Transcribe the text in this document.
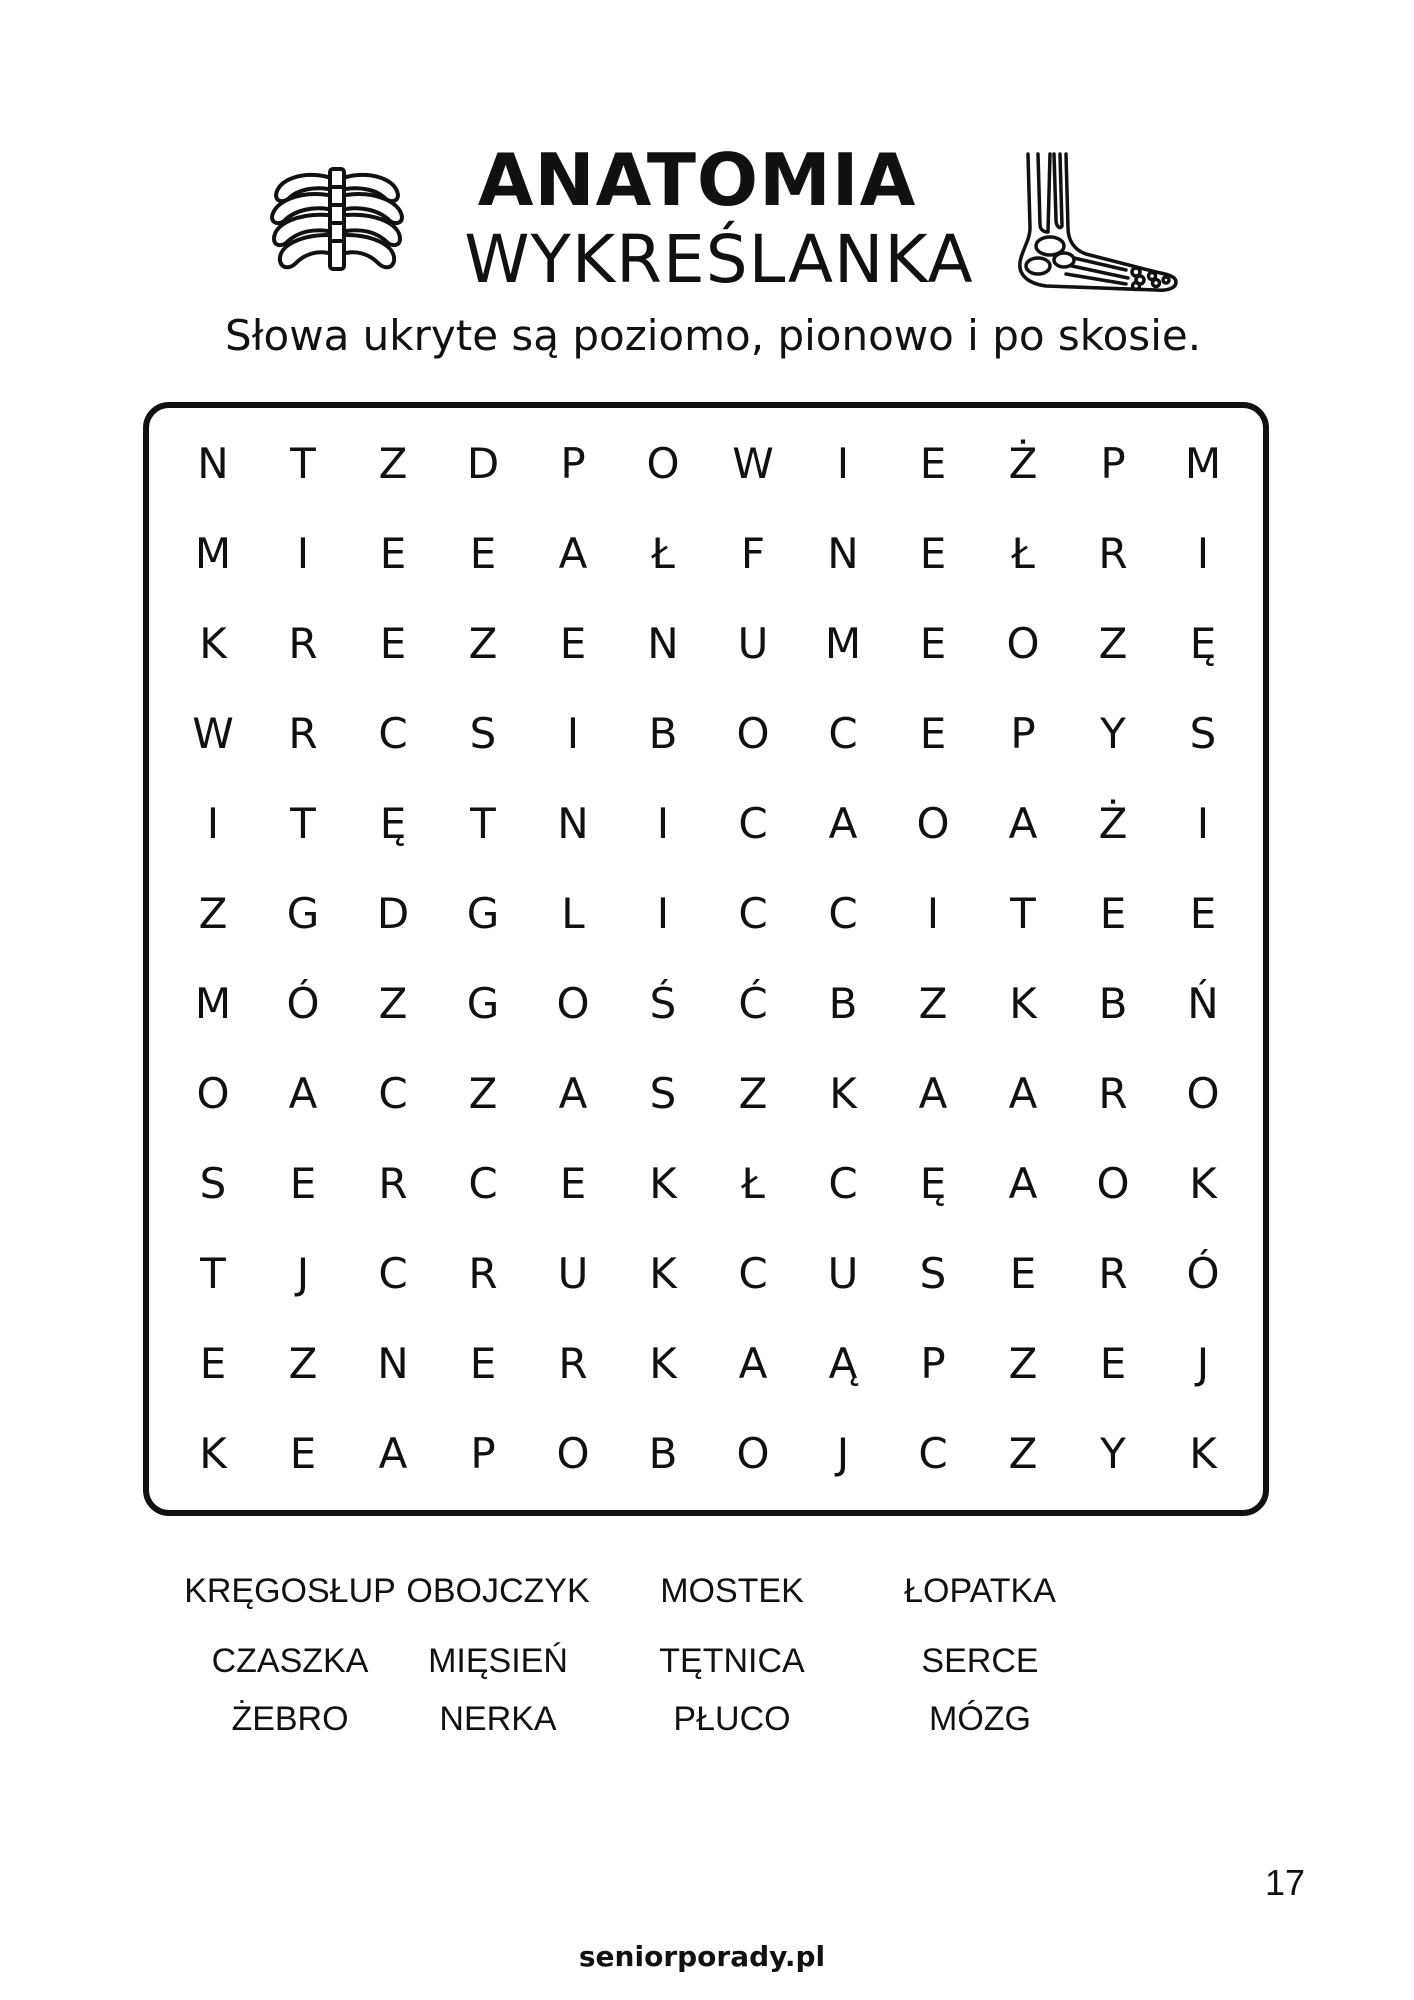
ANATOMIA
WYKREŚLANKA
Słowa ukryte są poziomo, pionowo i po skosie.
N	T	Z	D	P	O	W	I	E	Ż	P	M
M	I	E	E	A	Ł	F	N	E	Ł	R	I
K	R	E	Z	E	N	U	M	E	O	Z	Ę
W	R	C	S	I	B	O	C	E	P	Y	S
I	T	Ę	T	N	I	C	A	O	A	Ż	I
Z	G	D	G	L	I	C	C	I	T	E	E
M	Ó	Z	G	O	Ś	Ć	B	Z	K	B	Ń
O	A	C	Z	A	S	Z	K	A	A	R	O
S	E	R	C	E	K	Ł	C	Ę	A	O	K
T	J	C	R	U	K	C	U	S	E	R	Ó
E	Z	N	E	R	K	A	Ą	P	Z	E	J
K	E	A	P	O	B	O	J	C	Z	Y	K
KRĘGOSŁUP OBOJCZYK MOSTEK	ŁOPATKA
CZASZKA MIĘSIEŃ	TĘTNICA	SERCE
ŻEBRO	NERKA	PŁUCO	MÓZG
17
seniorporady.pl
